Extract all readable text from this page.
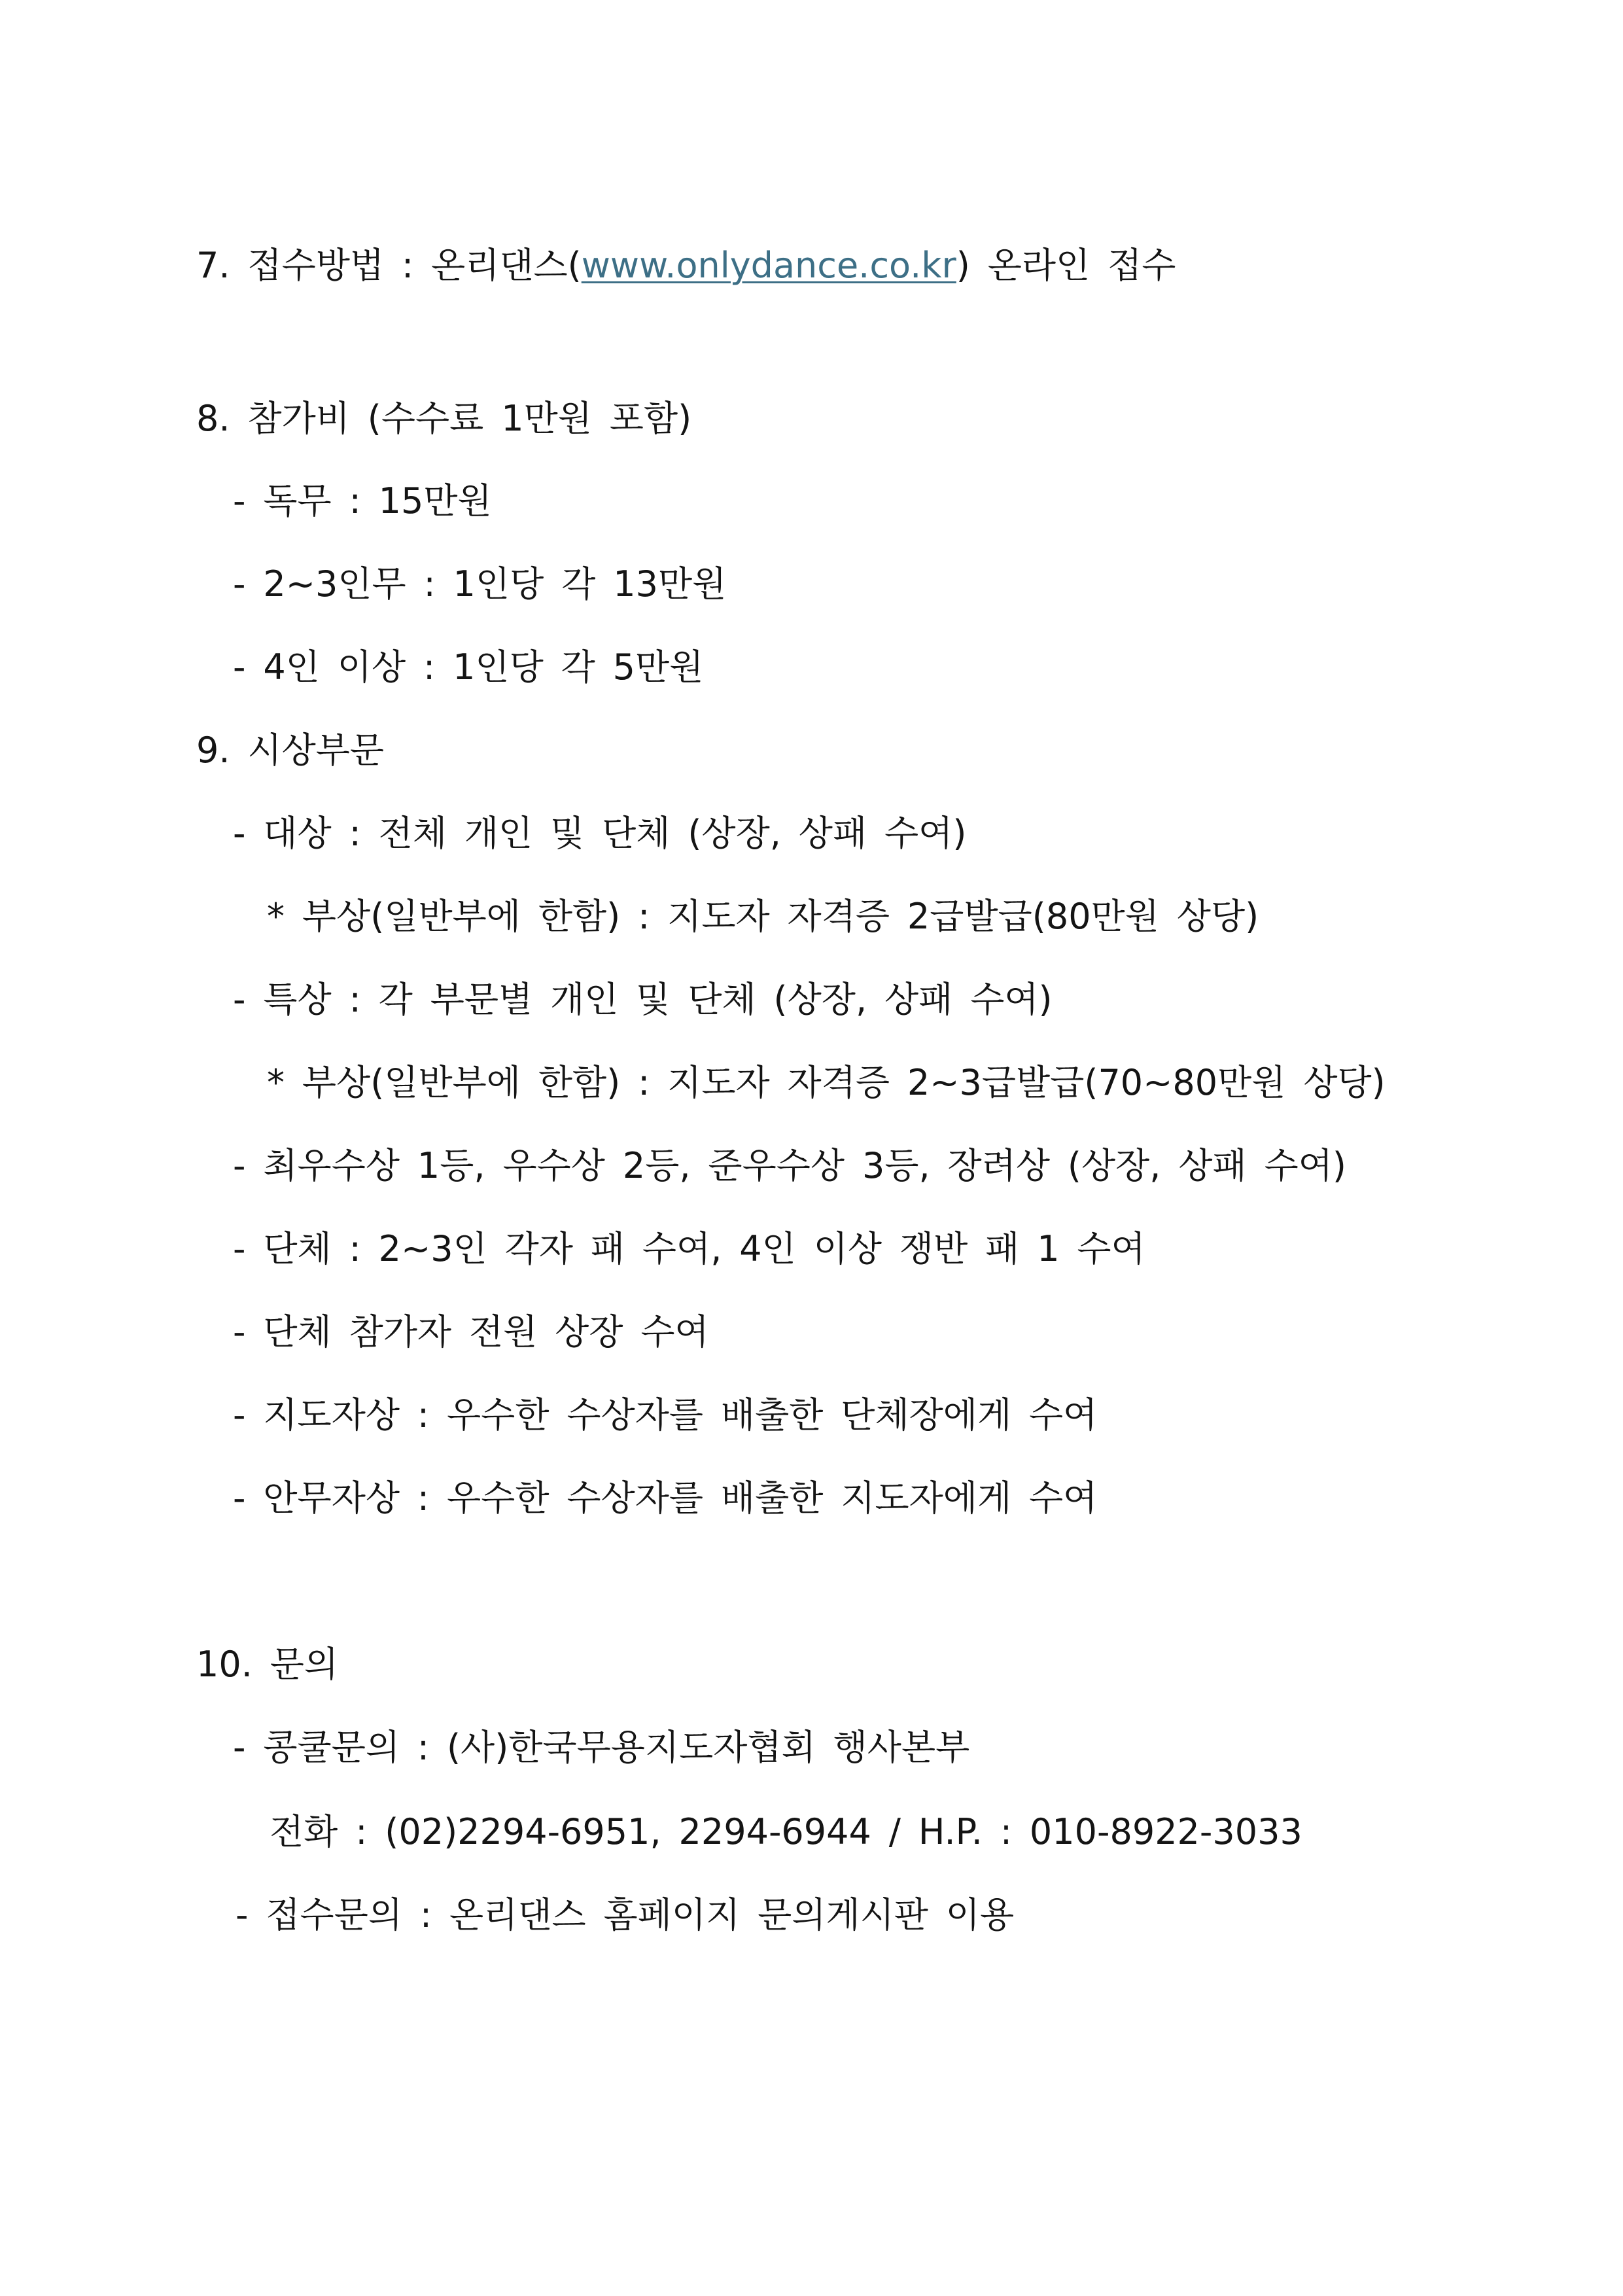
7. 접수방법 : 온리댄스(www.onlydance.co.kr) 온라인 접수
8. 참가비 (수수료 1만원 포함)
- 독무 : 15만원
- 2~3인무 : 1인당 각 13만원
- 4인 이상 : 1인당 각 5만원
9. 시상부문
- 대상 : 전체 개인 및 단체 (상장, 상패 수여)
* 부상(일반부에 한함) : 지도자 자격증 2급발급(80만원 상당)
- 특상 : 각 부문별 개인 및 단체 (상장, 상패 수여)
* 부상(일반부에 한함) : 지도자 자격증 2~3급발급(70~80만원 상당)
- 최우수상 1등, 우수상 2등, 준우수상 3등, 장려상 (상장, 상패 수여)
- 단체 : 2~3인 각자 패 수여, 4인 이상 쟁반 패 1 수여
- 단체 참가자 전원 상장 수여
- 지도자상 : 우수한 수상자를 배출한 단체장에게 수여
- 안무자상 : 우수한 수상자를 배출한 지도자에게 수여
10. 문의
- 콩쿨문의 : (사)한국무용지도자협회 행사본부
전화 : (02)2294-6951, 2294-6944 / H.P. : 010-8922-3033
- 접수문의 : 온리댄스 홈페이지 문의게시판 이용
